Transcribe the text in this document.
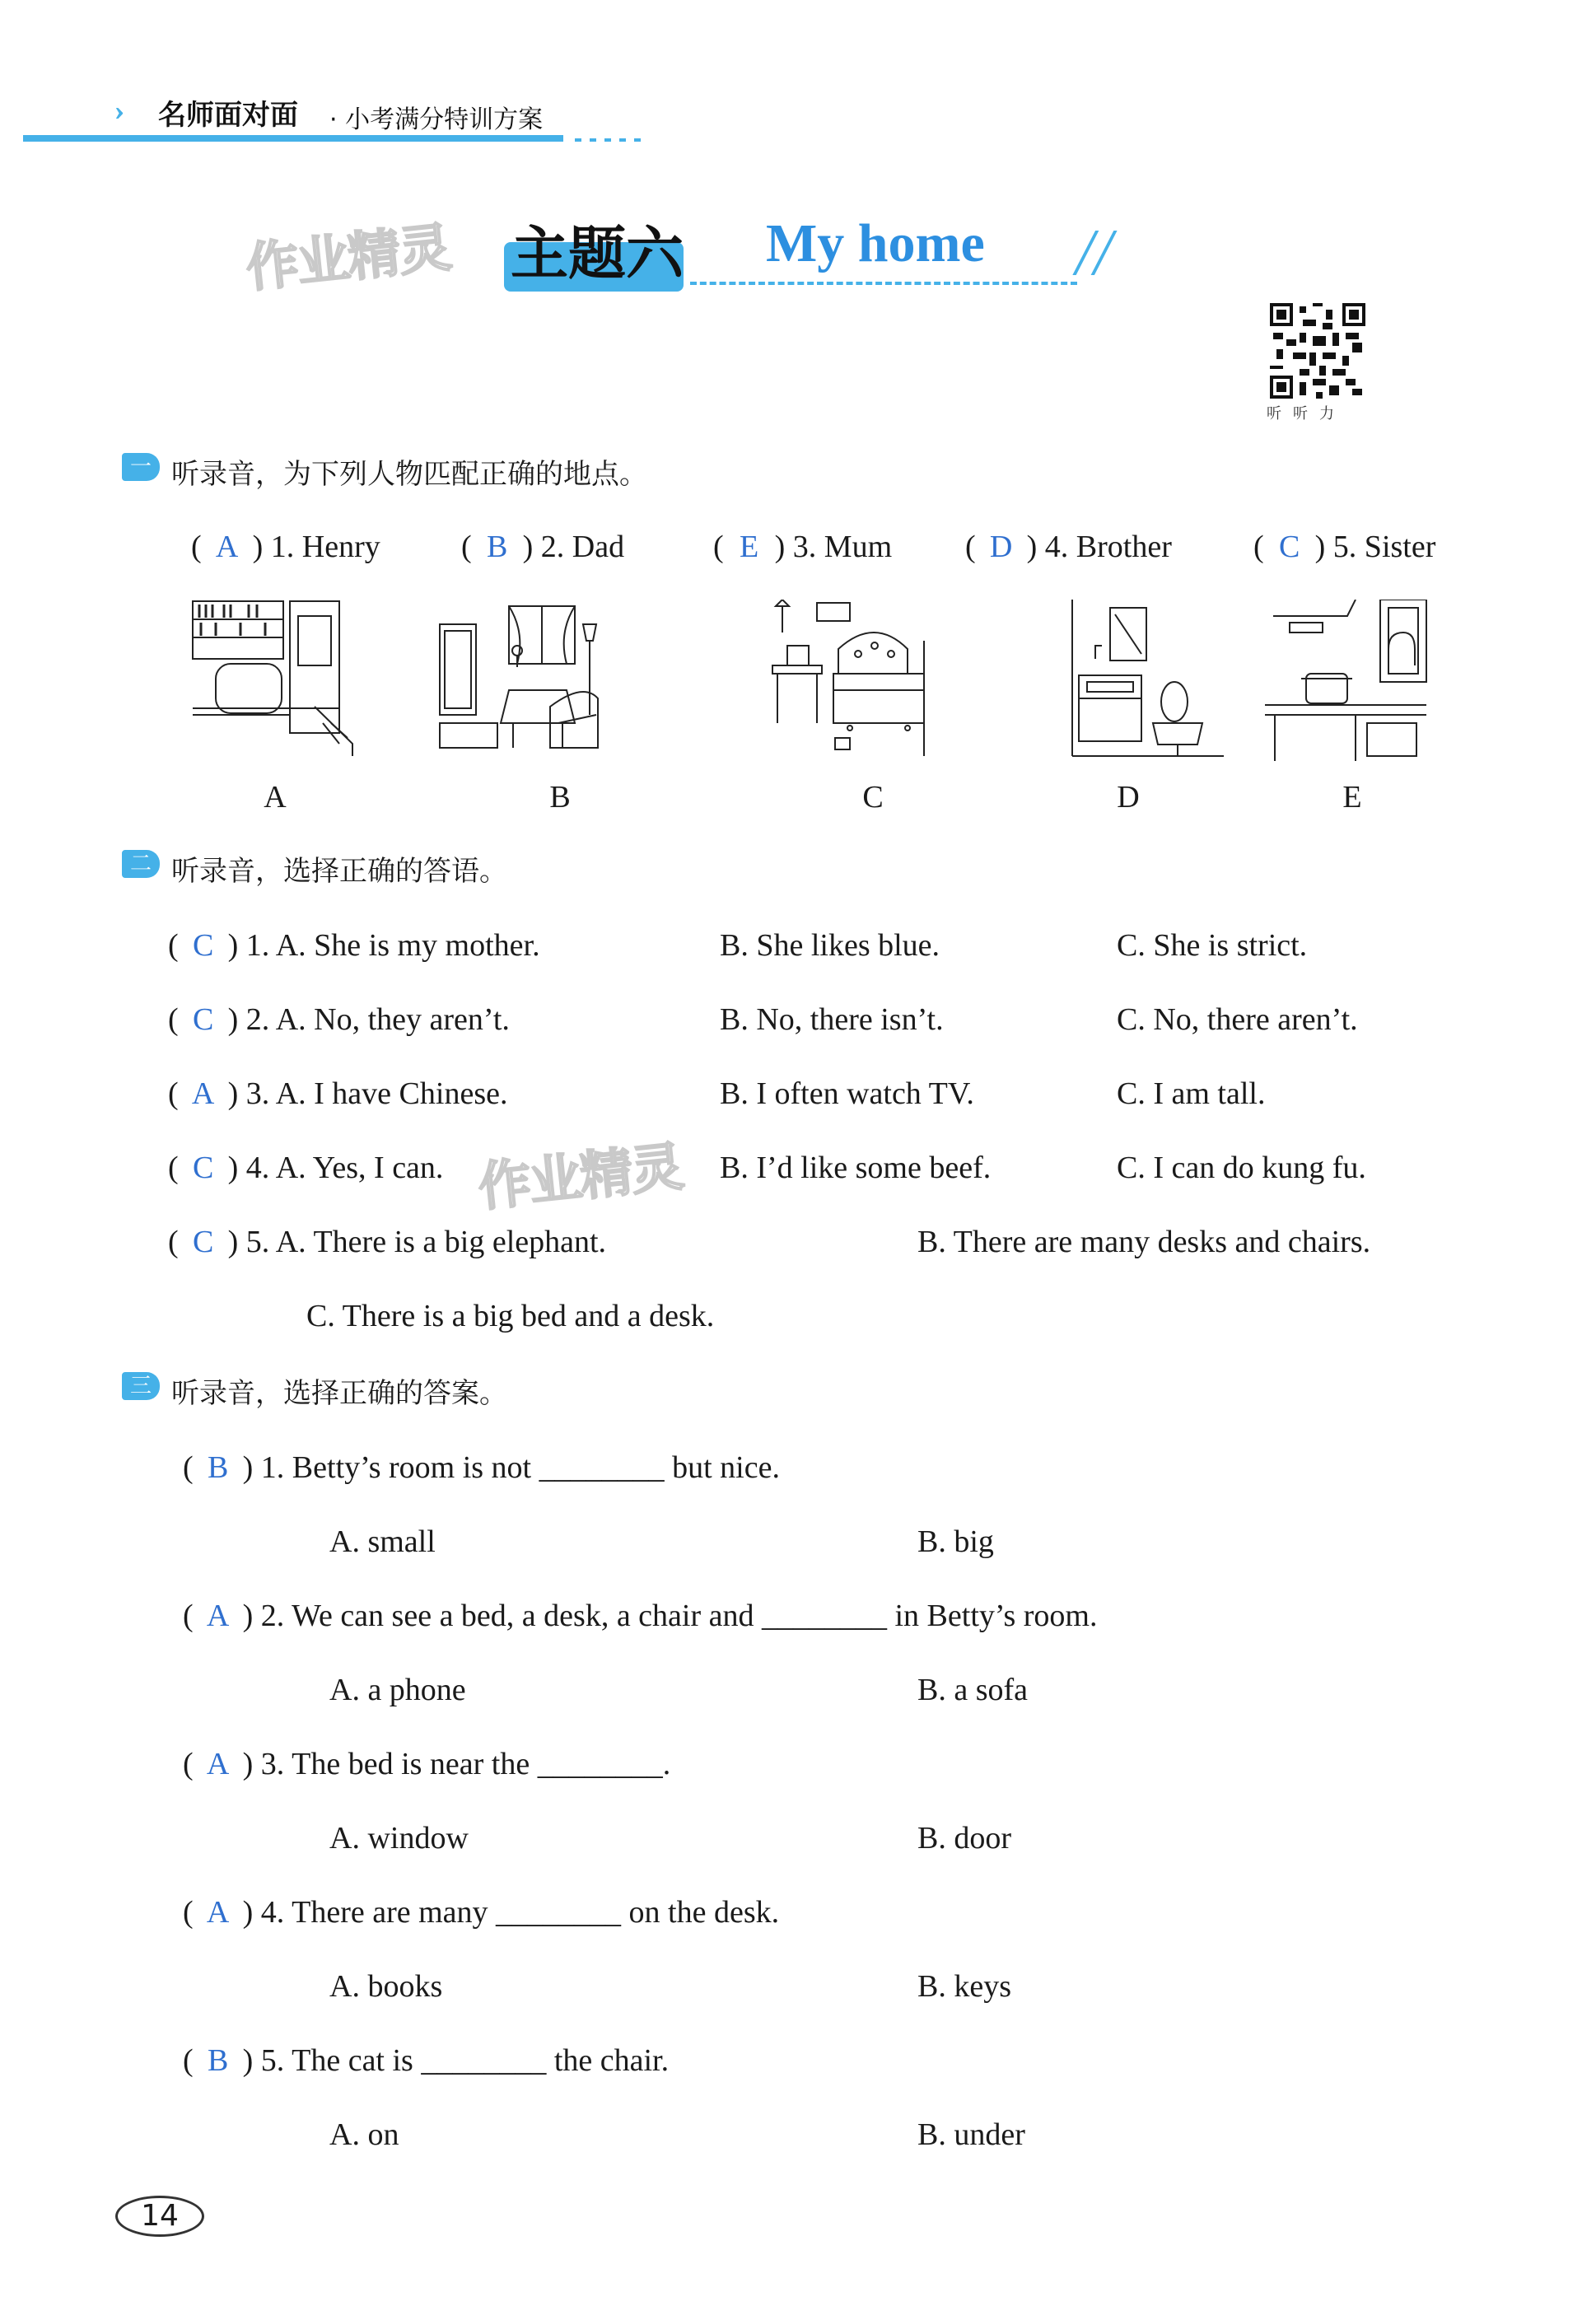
名师面对面 · 小考满分特训方案
作业精灵 主题六 My home //
听听力
一 听录音，为下列人物匹配正确的地点。
( A ) 1. Henry	( B ) 2. Dad	( E ) 3. Mum ( D ) 4. Brother	( C ) 5. Sister
A	B	C	D	E
二 听录音，选择正确的答语。
( C ) 1. A. She is my mother.	B. She likes blue.	C. She is strict.
( C ) 2. A. No, they aren’t.	B. No, there isn’t.	C. No, there aren’t.
( A ) 3. A. I have Chinese.	B. I often watch TV.	C. I am tall.
( C ) 4. A. Yes, I can.	B. I’d like some beef.	C. I can do kung fu.
作业精灵
( C ) 5. A. There is a big elephant.	B. There are many desks and chairs.
C. There is a big bed and a desk.
三 听录音，选择正确的答案。
( B ) 1. Betty’s room is not ________ but nice.
A. small	B. big
( A ) 2. We can see a bed, a desk, a chair and ________ in Betty’s room.
A. a phone	B. a sofa
( A ) 3. The bed is near the ________.
A. window	B. door
( A ) 4. There are many ________ on the desk.
A. books	B. keys
( B ) 5. The cat is ________ the chair.
A. on	B. under
14
